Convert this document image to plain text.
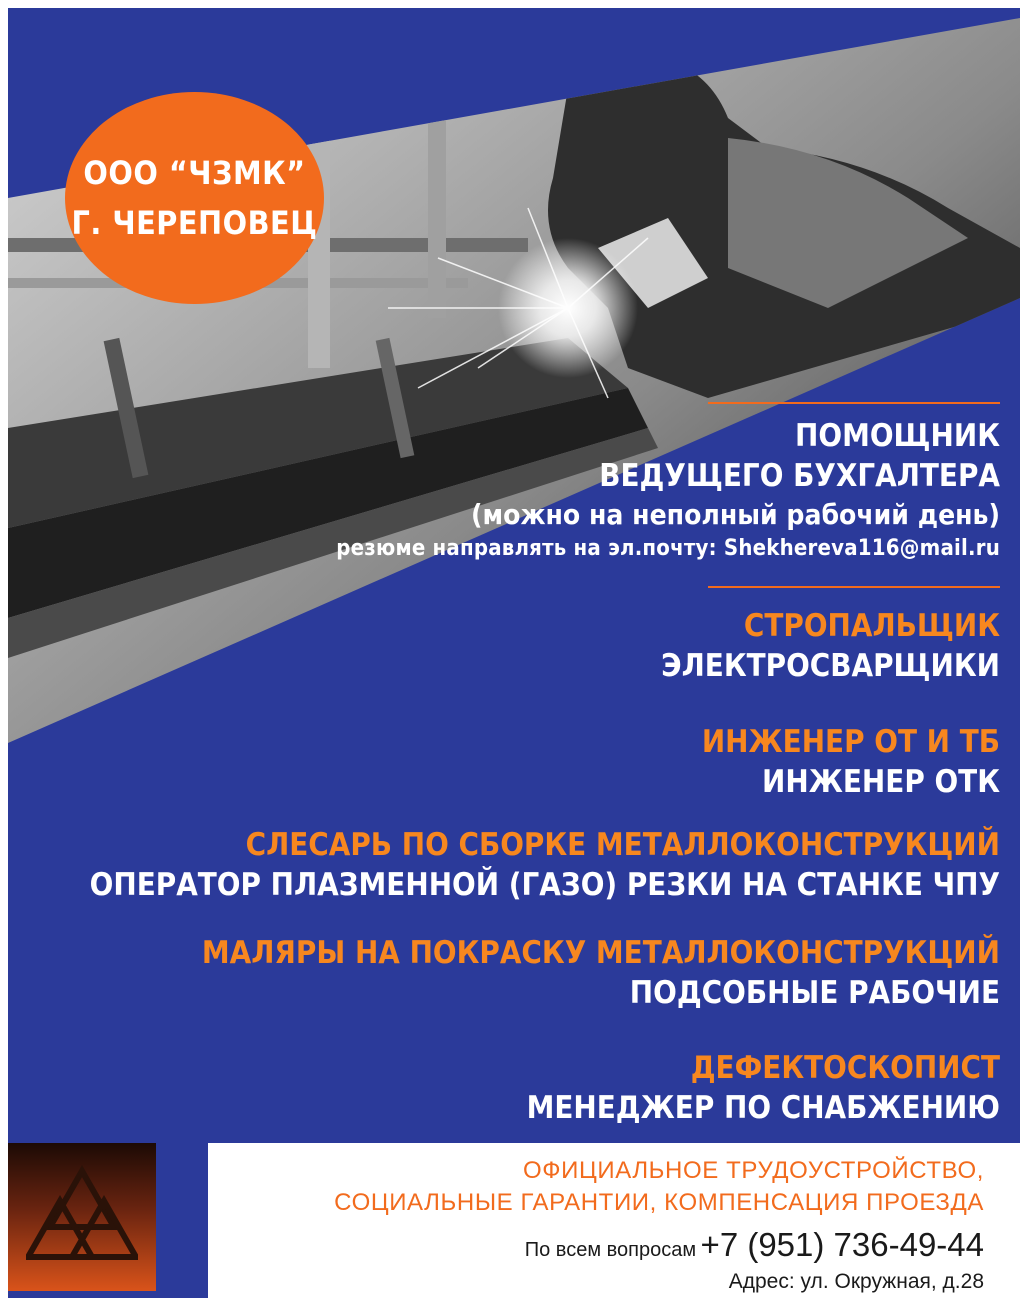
ООО “ЧЗМК”
Г. ЧЕРЕПОВЕЦ
ПОМОЩНИК
ВЕДУЩЕГО БУХГАЛТЕРА
(можно на неполный рабочий день)
резюме направлять на эл.почту: Shekhereva116@mail.ru
СТРОПАЛЬЩИК
ЭЛЕКТРОСВАРЩИКИ
ИНЖЕНЕР ОТ И ТБ
ИНЖЕНЕР ОТК
СЛЕСАРЬ ПО СБОРКЕ МЕТАЛЛОКОНСТРУКЦИЙ
ОПЕРАТОР ПЛАЗМЕННОЙ (ГАЗО) РЕЗКИ НА СТАНКЕ ЧПУ
МАЛЯРЫ НА ПОКРАСКУ МЕТАЛЛОКОНСТРУКЦИЙ
ПОДСОБНЫЕ РАБОЧИЕ
ДЕФЕКТОСКОПИСТ
МЕНЕДЖЕР ПО СНАБЖЕНИЮ
ОФИЦИАЛЬНОЕ ТРУДОУСТРОЙСТВО,
СОЦИАЛЬНЫЕ ГАРАНТИИ, КОМПЕНСАЦИЯ ПРОЕЗДА
По всем вопросам +7 (951) 736-49-44
Адрес: ул. Окружная, д.28
